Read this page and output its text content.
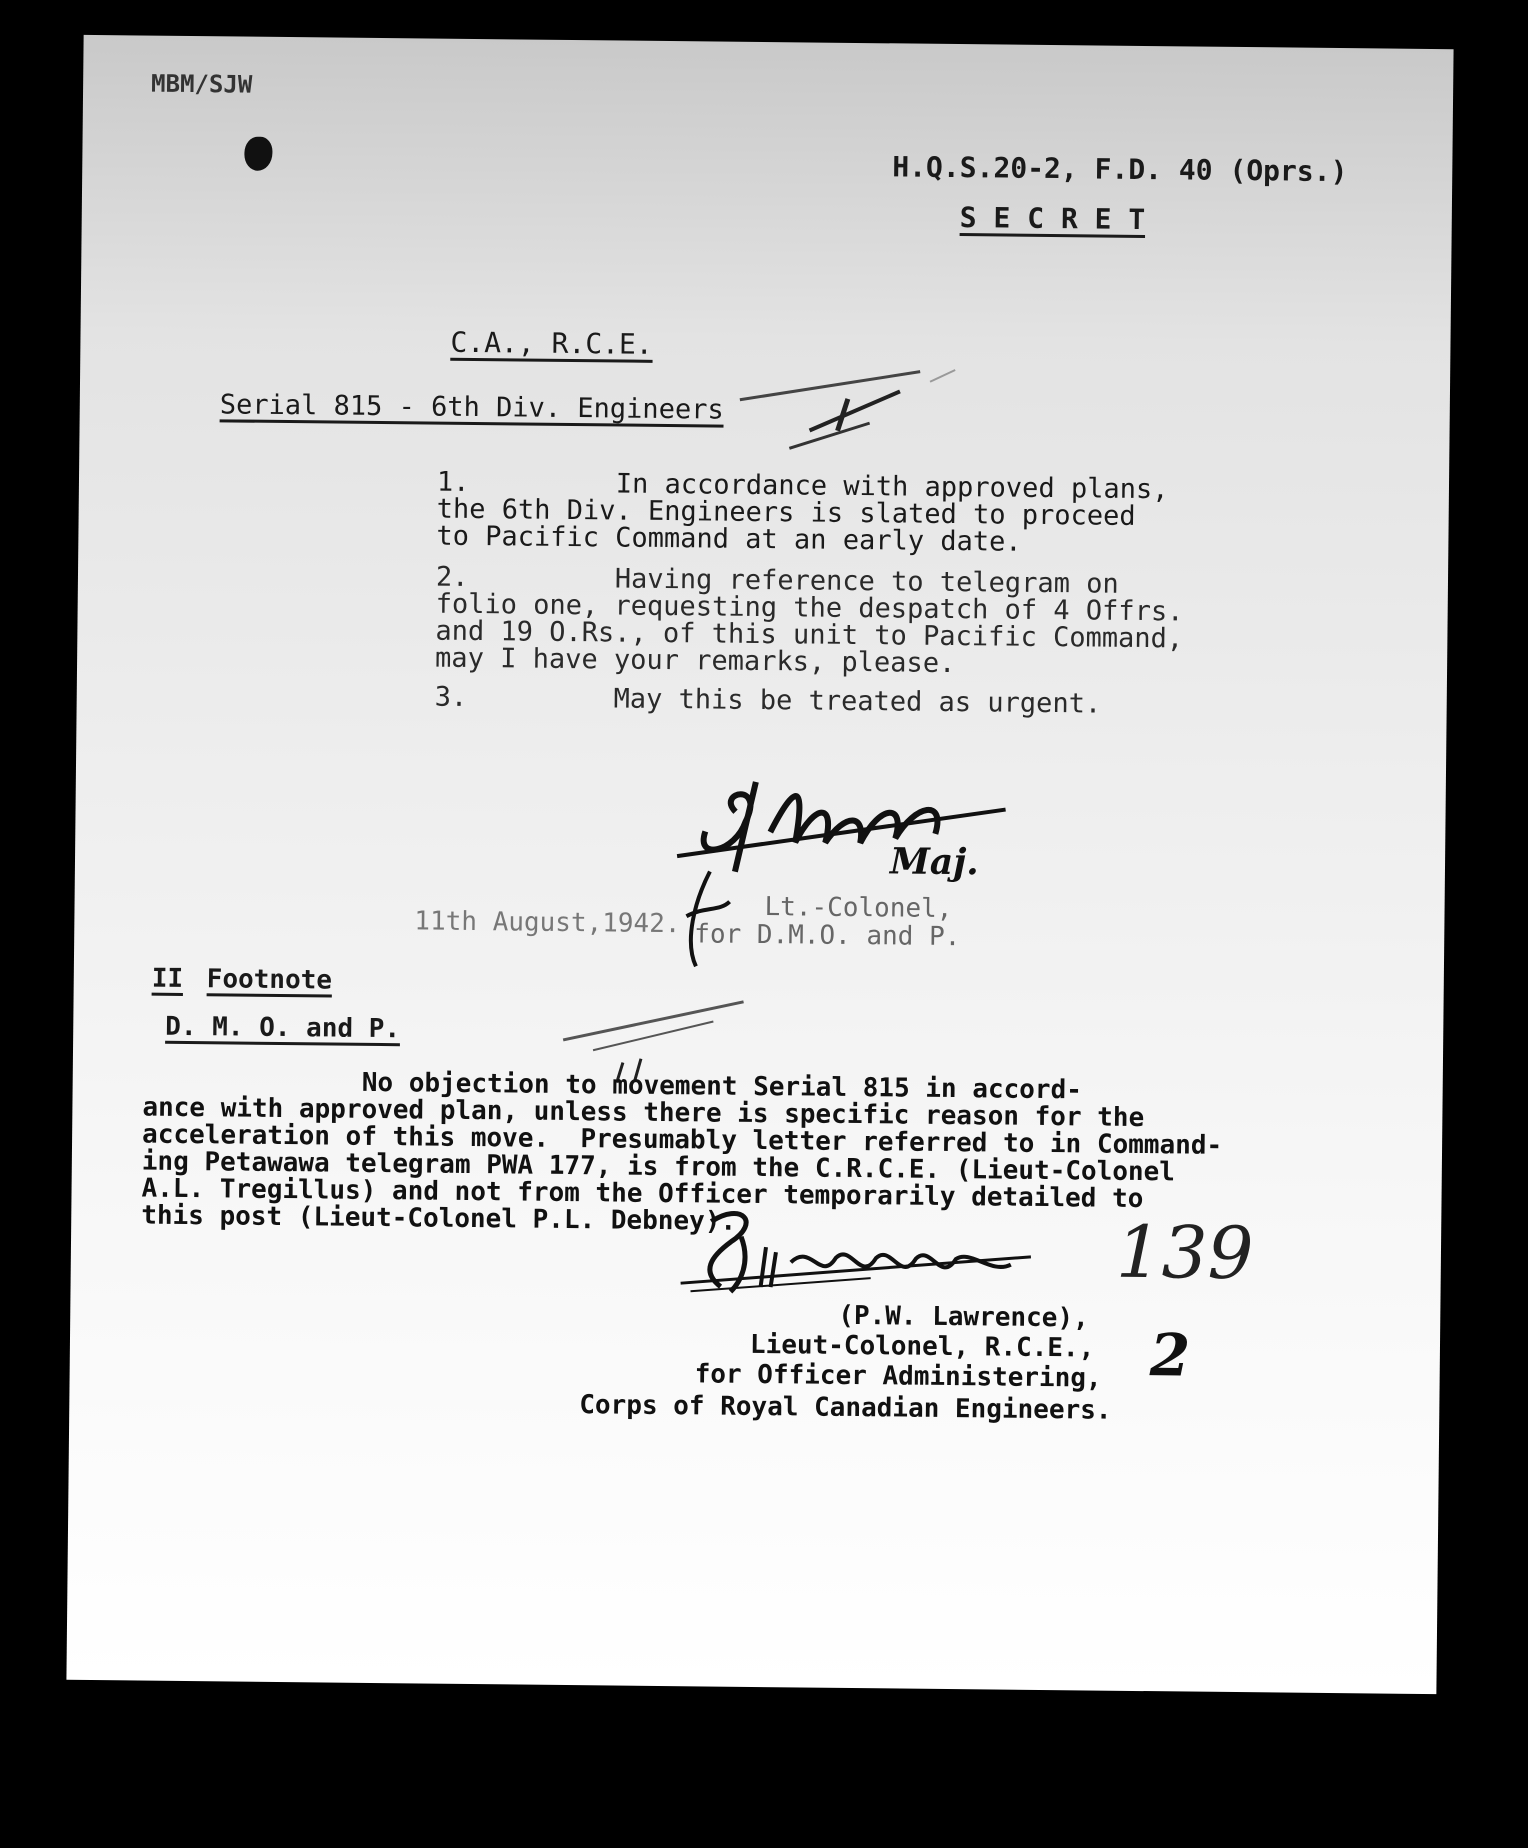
MBM/SJW
H.Q.S.20-2, F.D. 40 (Oprs.)
S E C R E T
C.A., R.C.E.
Serial 815 - 6th Div. Engineers
1.         In accordance with approved plans,
the 6th Div. Engineers is slated to proceed
to Pacific Command at an early date.
2.         Having reference to telegram on
folio one, requesting the despatch of 4 Offrs.
and 19 O.Rs., of this unit to Pacific Command,
may I have your remarks, please.
3.         May this be treated as urgent.
Maj.
11th August,1942.	Lt.-Colonel,
for D.M.O. and P.
II Footnote
D. M. O. and P.
No objection to movement Serial 815 in accord-
ance with approved plan, unless there is specific reason for the
acceleration of this move.  Presumably letter referred to in Command-
ing Petawawa telegram PWA 177, is from the C.R.C.E. (Lieut-Colonel
A.L. Tregillus) and not from the Officer temporarily detailed to
this post (Lieut-Colonel P.L. Debney).
(P.W. Lawrence),
Lieut-Colonel, R.C.E.,
for Officer Administering,
Corps of Royal Canadian Engineers.
139
2
